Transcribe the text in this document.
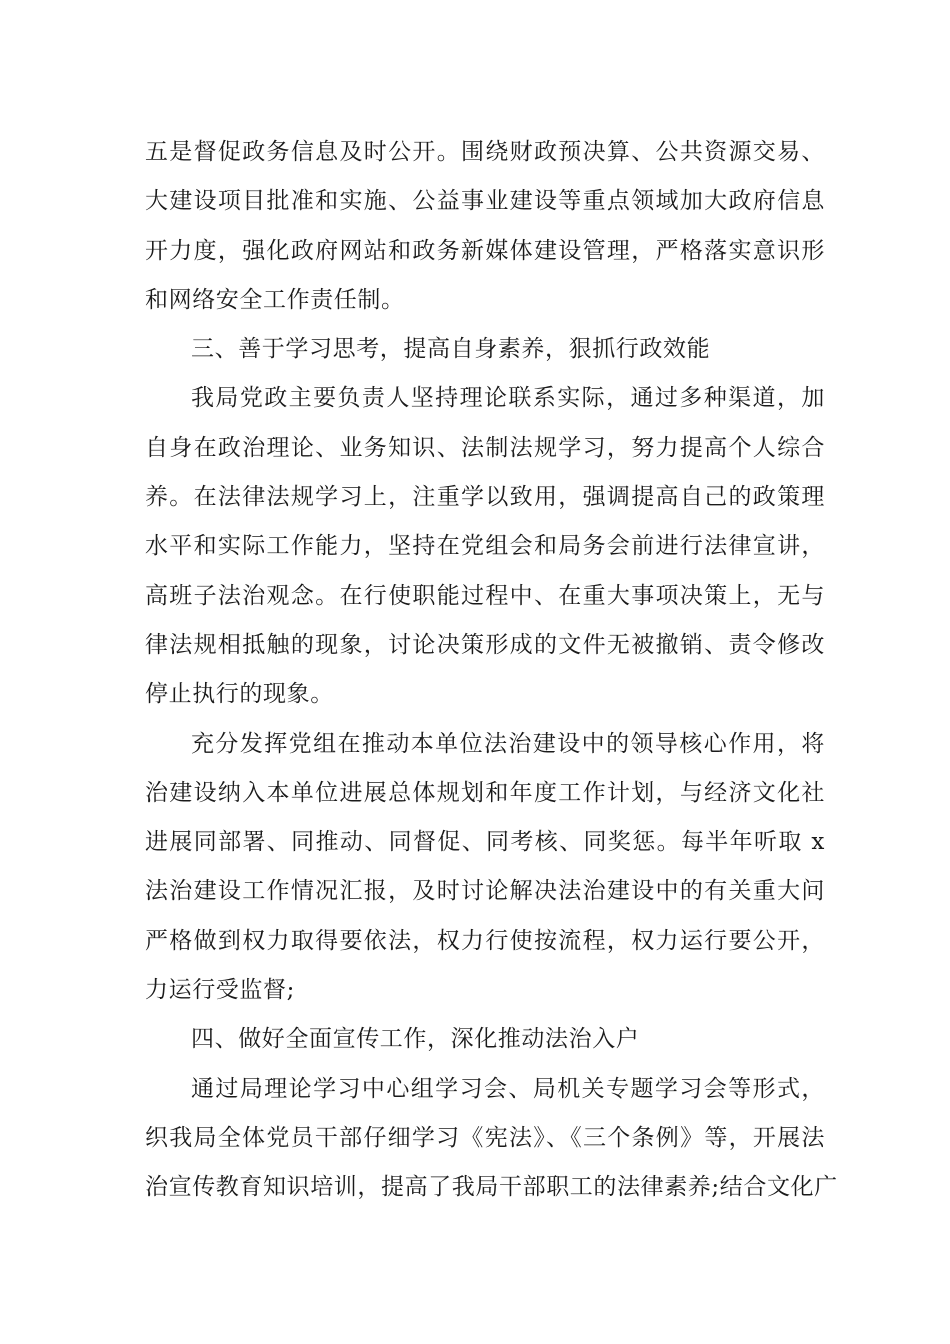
五是督促政务信息及时公开。围绕财政预决算、公共资源交易、
大建设项目批准和实施、公益事业建设等重点领域加大政府信息
开力度，强化政府网站和政务新媒体建设管理，严格落实意识形
和网络安全工作责任制。
三、善于学习思考，提高自身素养，狠抓行政效能
我局党政主要负责人坚持理论联系实际，通过多种渠道，加
自身在政治理论、业务知识、法制法规学习，努力提高个人综合
养。在法律法规学习上，注重学以致用，强调提高自己的政策理
水平和实际工作能力，坚持在党组会和局务会前进行法律宣讲，
高班子法治观念。在行使职能过程中、在重大事项决策上，无与
律法规相抵触的现象，讨论决策形成的文件无被撤销、责令修改
停止执行的现象。
充分发挥党组在推动本单位法治建设中的领导核心作用，将
治建设纳入本单位进展总体规划和年度工作计划，与经济文化社
进展同部署、同推动、同督促、同考核、同奖惩。每半年听取 x
法治建设工作情况汇报，及时讨论解决法治建设中的有关重大问
严格做到权力取得要依法，权力行使按流程，权力运行要公开，
力运行受监督;
四、做好全面宣传工作，深化推动法治入户
通过局理论学习中心组学习会、局机关专题学习会等形式，
织我局全体党员干部仔细学习《宪法》、《三个条例》等，开展法
治宣传教育知识培训，提高了我局干部职工的法律素养;结合文化广
